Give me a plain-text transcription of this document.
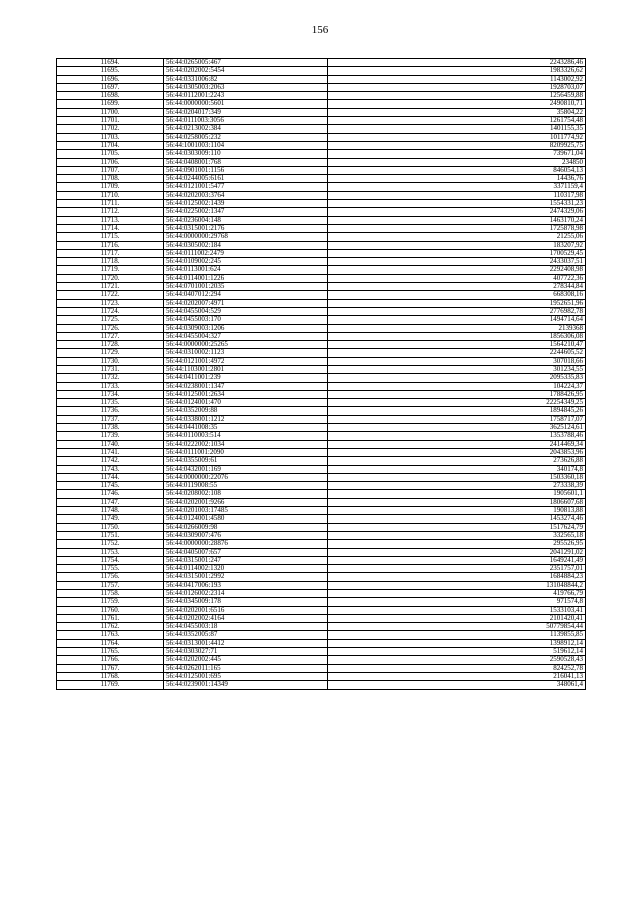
156
11694.	56:44:0265005:467	2243286,46
11695.	56:44:0202002:5454	1983326,62
11696.	56:44:0331006:82	1143002,92
11697.	56:44:0305003:2063	1928703,07
11698.	56:44:0112001:2243	1256459,88
11699.	56:44:0000000:5601	2490810,71
11700.	56:44:0204017:349	35804,22
11701.	56:44:0111003:3056	1261754,48
11702.	56:44:0213002:384	1401155,35
11703.	56:44:0258005:232	1011774,92
11704.	56:44:1001003:1104	8209925,75
11705.	56:44:0303009:110	739671,04
11706.	56:44:0408001:768	234850
11707.	56:44:0901001:1156	846054,13
11708.	56:44:0244005:6161	14436,76
11709.	56:44:0121001:5477	3371159,4
11710.	56:44:0202003:3764	110317,98
11711.	56:44:0125002:1439	1554331,23
11712.	56:44:0225002:1347	2474329,06
11713.	56:44:0236004:148	1463170,24
11714.	56:44:0315001:2176	1725878,98
11715.	56:44:0000000:29768	21255,06
11716.	56:44:0305002:184	183207,92
11717.	56:44:0111002:2479	1700529,45
11718.	56:44:0109002:245	2433037,51
11719.	56:44:0113001:624	2292408,98
11720.	56:44:0114001:1226	407722,36
11721.	56:44:0701001:2035	278344,84
11722.	56:44:0407012:294	668308,16
11723.	56:44:0202007:4971	1952651,96
11724.	56:44:0455004:529	2776982,78
11725.	56:44:0455003:170	1494714,64
11726.	56:44:0309003:1206	2139368
11727.	56:44:0455004:327	1856306,08
11728.	56:44:0000000:25265	1564210,47
11729.	56:44:0310002:1123	2244605,52
11730.	56:44:0121001:4972	307018,66
11731.	56:44:1103001:2801	301234,55
11732.	56:44:0411001:239	2095335,83
11733.	56:44:0238001:1347	104224,37
11734.	56:44:0125001:2634	1788426,95
11735.	56:44:0124001:470	22254349,25
11736.	56:44:0352009:88	1894845,26
11737.	56:44:0338001:1212	1758717,07
11738.	56:44:0441008:35	3625124,61
11739.	56:44:0110003:514	1353788,46
11740.	56:44:0222002:1034	2414469,34
11741.	56:44:0111001:2090	2043853,96
11742.	56:44:0355009:61	273626,88
11743.	56:44:0432001:169	340174,8
11744.	56:44:0000000:22076	1503360,18
11745.	56:44:0119008:55	273338,39
11746.	56:44:0208002:108	1905601,1
11747.	56:44:0202001:9266	1806607,68
11748.	56:44:0201003:17485	190813,88
11749.	56:44:0124001:4580	1453274,46
11750.	56:44:0266009:98	1517624,79
11751.	56:44:0309007:476	332565,18
11752.	56:44:0000000:28876	295526,95
11753.	56:44:0405007:657	2041291,02
11754.	56:44:0315001:247	1649241,49
11755.	56:44:0114002:1320	2351757,01
11756.	56:44:0315001:2992	1684884,23
11757.	56:44:0417006:193	131048844,2
11758.	56:44:0126002:2314	419766,79
11759.	56:44:0345009:178	971574,8
11760.	56:44:0202001:6516	1533103,41
11761.	56:44:0202002:4164	2101420,41
11762.	56:44:0455003:18	50779854,44
11763.	56:44:0352005:87	1139855,85
11764.	56:44:0313001:4412	1398912,14
11765.	56:44:0303027:71	519612,14
11766.	56:44:0202002:445	2590528,43
11767.	56:44:0262011:165	824252,78
11768.	56:44:0125001:695	216041,13
11769.	56:44:0239001:14349	348061,4
